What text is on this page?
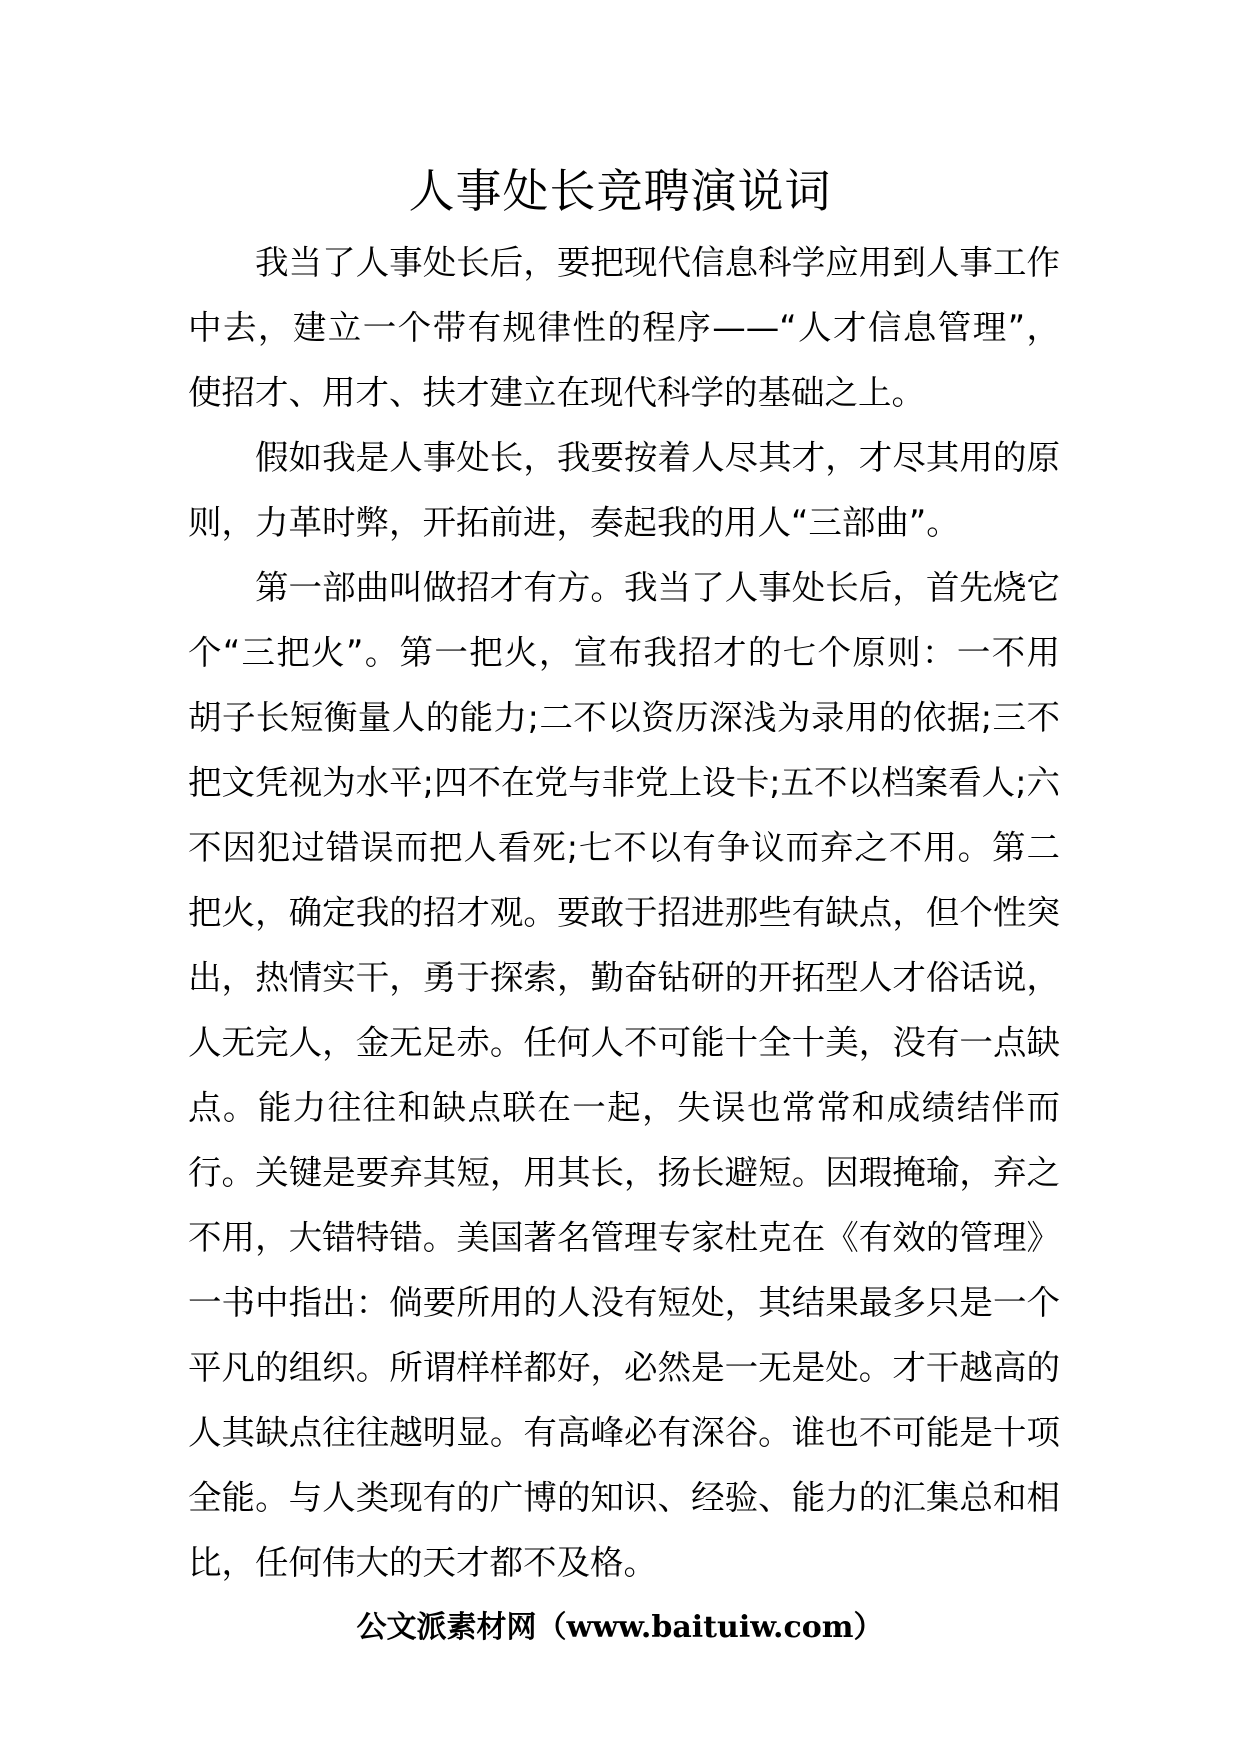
人事处长竞聘演说词

我当了人事处长后，要把现代信息科学应用到人事工作中去，建立一个带有规律性的程序——“人才信息管理”，使招才、用才、扶才建立在现代科学的基础之上。

假如我是人事处长，我要按着人尽其才，才尽其用的原则，力革时弊，开拓前进，奏起我的用人“三部曲”。

第一部曲叫做招才有方。我当了人事处长后，首先烧它个“三把火”。第一把火，宣布我招才的七个原则：一不用胡子长短衡量人的能力;二不以资历深浅为录用的依据;三不把文凭视为水平;四不在党与非党上设卡;五不以档案看人;六不因犯过错误而把人看死;七不以有争议而弃之不用。第二把火，确定我的招才观。要敢于招进那些有缺点，但个性突出，热情实干，勇于探索，勤奋钻研的开拓型人才俗话说，人无完人，金无足赤。任何人不可能十全十美，没有一点缺点。能力往往和缺点联在一起，失误也常常和成绩结伴而行。关键是要弃其短，用其长，扬长避短。因瑕掩瑜，弃之不用，大错特错。美国著名管理专家杜克在《有效的管理》一书中指出：倘要所用的人没有短处，其结果最多只是一个平凡的组织。所谓样样都好，必然是一无是处。才干越高的人其缺点往往越明显。有高峰必有深谷。谁也不可能是十项全能。与人类现有的广博的知识、经验、能力的汇集总和相比，任何伟大的天才都不及格。

公文派素材网（www.baituiw.com）
